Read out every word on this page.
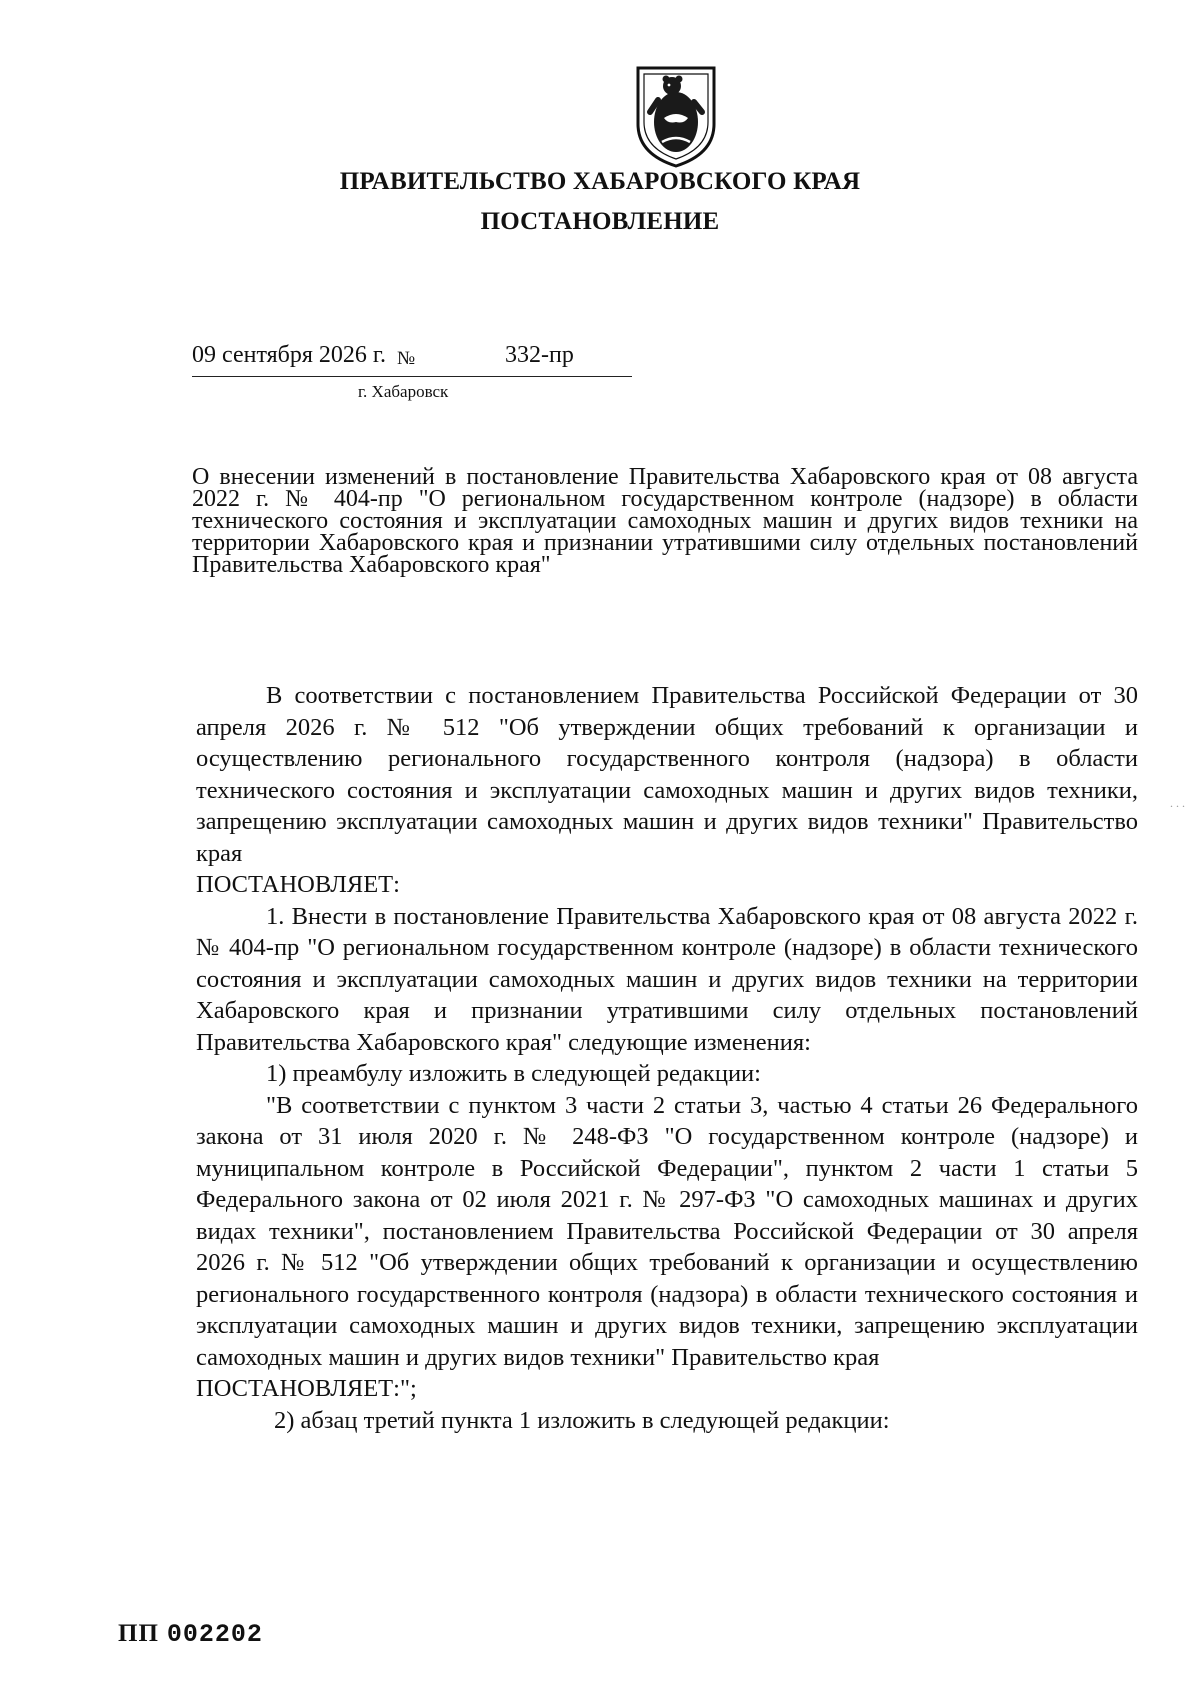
ПРАВИТЕЛЬСТВО ХАБАРОВСКОГО КРАЯ
ПОСТАНОВЛЕНИЕ
09 сентября 2026 г. №	332-пр
г. Хабаровск
О внесении изменений в постановление Правительства Хабаровского края от 08 августа 2022 г. № 404-пр "О региональном государственном контроле (надзоре) в области технического состояния и эксплуатации самоходных машин и других видов техники на территории Хабаровского края и признании утратившими силу отдельных постановлений Правительства Хабаровского края"

В соответствии с постановлением Правительства Российской Федерации от 30 апреля 2026 г. № 512 "Об утверждении общих требований к организации и осуществлению регионального государственного контроля (надзора) в области технического состояния и эксплуатации самоходных машин и других видов техники, запрещению эксплуатации самоходных машин и других видов техники" Правительство края

ПОСТАНОВЛЯЕТ:

1. Внести в постановление Правительства Хабаровского края от 08 августа 2022 г. № 404-пр "О региональном государственном контроле (надзоре) в области технического состояния и эксплуатации самоходных машин и других видов техники на территории Хабаровского края и признании утратившими силу отдельных постановлений Правительства Хабаровского края" следующие изменения:

1) преамбулу изложить в следующей редакции:

"В соответствии с пунктом 3 части 2 статьи 3, частью 4 статьи 26 Федерального закона от 31 июля 2020 г. № 248-ФЗ "О государственном контроле (надзоре) и муниципальном контроле в Российской Федерации", пунктом 2 части 1 статьи 5 Федерального закона от 02 июля 2021 г. № 297-ФЗ "О самоходных машинах и других видах техники", постановлением Правительства Российской Федерации от 30 апреля 2026 г. № 512 "Об утверждении общих требований к организации и осуществлению регионального государственного контроля (надзора) в области технического состояния и эксплуатации самоходных машин и других видов техники, запрещению эксплуатации самоходных машин и других видов техники" Правительство края

ПОСТАНОВЛЯЕТ:";

2) абзац третий пункта 1 изложить в следующей редакции:

. . .
ПП 002202
